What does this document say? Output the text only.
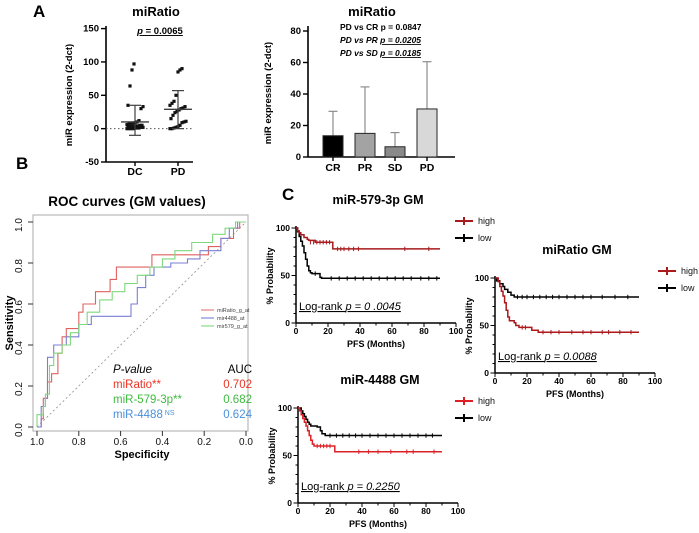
A
B
C
miRatio
p = 0.0065
150
100
50
0
-50
miR expression (2-dct)
DC	PD
miRatio
0
20
40
60
80
miR expression (2-dct)
CR PR SD PD
PD vs CR p = 0.0847
PD vs PR p = 0.0205
PD vs SD p = 0.0185
ROC curves (GM values)
1.0	0.8	0.6	0.4	0.2	0.0
0.0
0.2
0.4
0.6
0.8
1.0
Sensitivity
Specificity
miRatio_g_at
mir4488_at
mir579_g_at
P-value	AUC
miRatio**	0.702
miR-579-3p**	0.682
miR-4488 $^{NS}$	0.624
miR-579-3p GM
0
50
100
0	20	40	60	80 100
PFS (Months)
% Probability
Log-rank p = 0 .0045
miRatio GM
0
50
100
0	20	40	60	80 100
PFS (Months)
% Probability
Log-rank p = 0.0088
miR-4488 GM
0
50
100
0	20	40	60	80 100
PFS (Months)
% Probability
Log-rank p = 0.2250
high
low
high
low
high
low
